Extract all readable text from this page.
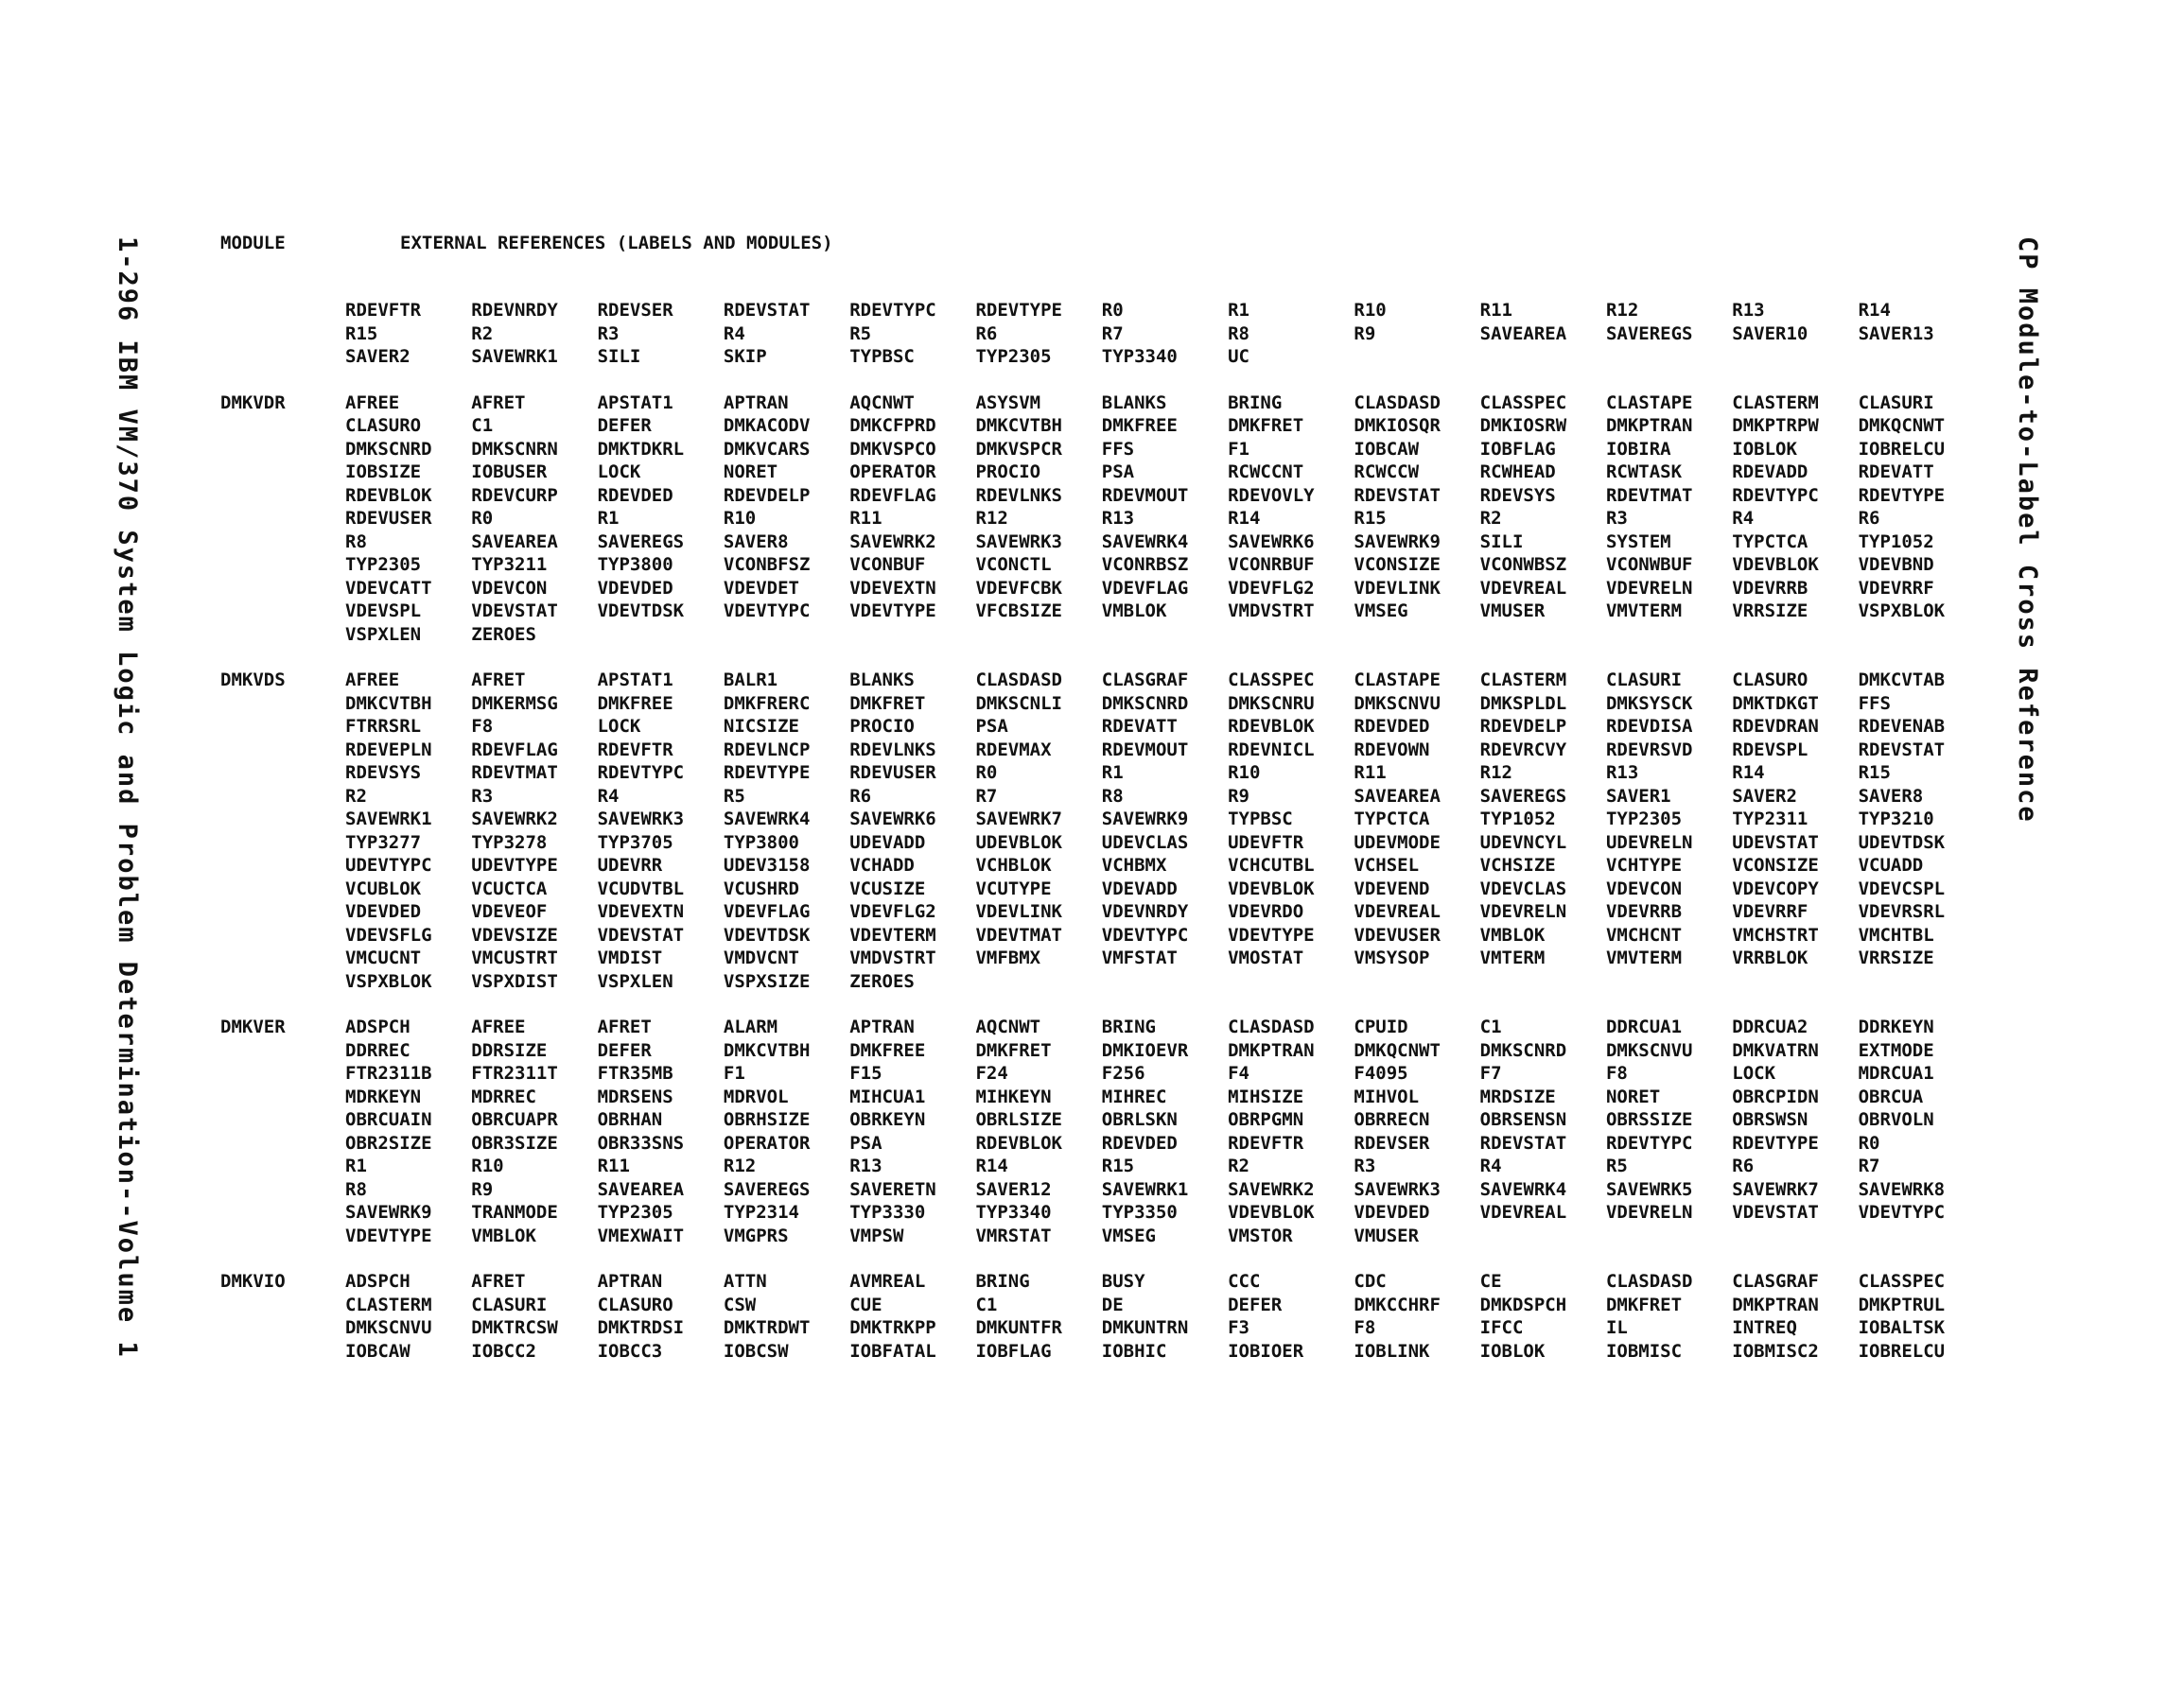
1-296 IBM VM/370 System Logic and Problem Determination--Volume 1	CP Module-to-Label Cross Reference
MODULE	EXTERNAL REFERENCES (LABELS AND MODULES)
RDEVFTR	RDEVNRDY	RDEVSER	RDEVSTAT	RDEVTYPC	RDEVTYPE	R0	R1	R10	R11	R12	R13	R14
R15	R2	R3	R4	R5	R6	R7	R8	R9	SAVEAREA	SAVEREGS	SAVER10	SAVER13
SAVER2	SAVEWRK1	SILI	SKIP	TYPBSC	TYP2305	TYP3340	UC
DMKVDR	AFREE	AFRET	APSTAT1	APTRAN	AQCNWT	ASYSVM	BLANKS	BRING	CLASDASD	CLASSPEC	CLASTAPE	CLASTERM	CLASURI
CLASURO	C1	DEFER	DMKACODV	DMKCFPRD	DMKCVTBH	DMKFREE	DMKFRET	DMKIOSQR	DMKIOSRW	DMKPTRAN	DMKPTRPW	DMKQCNWT
DMKSCNRD	DMKSCNRN	DMKTDKRL	DMKVCARS	DMKVSPCO	DMKVSPCR	FFS	F1	IOBCAW	IOBFLAG	IOBIRA	IOBLOK	IOBRELCU
IOBSIZE	IOBUSER	LOCK	NORET	OPERATOR	PROCIO	PSA	RCWCCNT	RCWCCW	RCWHEAD	RCWTASK	RDEVADD	RDEVATT
RDEVBLOK	RDEVCURP	RDEVDED	RDEVDELP	RDEVFLAG	RDEVLNKS	RDEVMOUT	RDEVOVLY	RDEVSTAT	RDEVSYS	RDEVTMAT	RDEVTYPC	RDEVTYPE
RDEVUSER	R0	R1	R10	R11	R12	R13	R14	R15	R2	R3	R4	R6
R8	SAVEAREA	SAVEREGS	SAVER8	SAVEWRK2	SAVEWRK3	SAVEWRK4	SAVEWRK6	SAVEWRK9	SILI	SYSTEM	TYPCTCA	TYP1052
TYP2305	TYP3211	TYP3800	VCONBFSZ	VCONBUF	VCONCTL	VCONRBSZ	VCONRBUF	VCONSIZE	VCONWBSZ	VCONWBUF	VDEVBLOK	VDEVBND
VDEVCATT	VDEVCON	VDEVDED	VDEVDET	VDEVEXTN	VDEVFCBK	VDEVFLAG	VDEVFLG2	VDEVLINK	VDEVREAL	VDEVRELN	VDEVRRB	VDEVRRF
VDEVSPL	VDEVSTAT	VDEVTDSK	VDEVTYPC	VDEVTYPE	VFCBSIZE	VMBLOK	VMDVSTRT	VMSEG	VMUSER	VMVTERM	VRRSIZE	VSPXBLOK
VSPXLEN	ZEROES
DMKVDS	AFREE	AFRET	APSTAT1	BALR1	BLANKS	CLASDASD	CLASGRAF	CLASSPEC	CLASTAPE	CLASTERM	CLASURI	CLASURO	DMKCVTAB
DMKCVTBH	DMKERMSG	DMKFREE	DMKFRERC	DMKFRET	DMKSCNLI	DMKSCNRD	DMKSCNRU	DMKSCNVU	DMKSPLDL	DMKSYSCK	DMKTDKGT	FFS
FTRRSRL	F8	LOCK	NICSIZE	PROCIO	PSA	RDEVATT	RDEVBLOK	RDEVDED	RDEVDELP	RDEVDISA	RDEVDRAN	RDEVENAB
RDEVEPLN	RDEVFLAG	RDEVFTR	RDEVLNCP	RDEVLNKS	RDEVMAX	RDEVMOUT	RDEVNICL	RDEVOWN	RDEVRCVY	RDEVRSVD	RDEVSPL	RDEVSTAT
RDEVSYS	RDEVTMAT	RDEVTYPC	RDEVTYPE	RDEVUSER	R0	R1	R10	R11	R12	R13	R14	R15
R2	R3	R4	R5	R6	R7	R8	R9	SAVEAREA	SAVEREGS	SAVER1	SAVER2	SAVER8
SAVEWRK1	SAVEWRK2	SAVEWRK3	SAVEWRK4	SAVEWRK6	SAVEWRK7	SAVEWRK9	TYPBSC	TYPCTCA	TYP1052	TYP2305	TYP2311	TYP3210
TYP3277	TYP3278	TYP3705	TYP3800	UDEVADD	UDEVBLOK	UDEVCLAS	UDEVFTR	UDEVMODE	UDEVNCYL	UDEVRELN	UDEVSTAT	UDEVTDSK
UDEVTYPC	UDEVTYPE	UDEVRR	UDEV3158	VCHADD	VCHBLOK	VCHBMX	VCHCUTBL	VCHSEL	VCHSIZE	VCHTYPE	VCONSIZE	VCUADD
VCUBLOK	VCUCTCA	VCUDVTBL	VCUSHRD	VCUSIZE	VCUTYPE	VDEVADD	VDEVBLOK	VDEVEND	VDEVCLAS	VDEVCON	VDEVCOPY	VDEVCSPL
VDEVDED	VDEVEOF	VDEVEXTN	VDEVFLAG	VDEVFLG2	VDEVLINK	VDEVNRDY	VDEVRDO	VDEVREAL	VDEVRELN	VDEVRRB	VDEVRRF	VDEVRSRL
VDEVSFLG	VDEVSIZE	VDEVSTAT	VDEVTDSK	VDEVTERM	VDEVTMAT	VDEVTYPC	VDEVTYPE	VDEVUSER	VMBLOK	VMCHCNT	VMCHSTRT	VMCHTBL
VMCUCNT	VMCUSTRT	VMDIST	VMDVCNT	VMDVSTRT	VMFBMX	VMFSTAT	VMOSTAT	VMSYSOP	VMTERM	VMVTERM	VRRBLOK	VRRSIZE
VSPXBLOK	VSPXDIST	VSPXLEN	VSPXSIZE	ZEROES
DMKVER	ADSPCH	AFREE	AFRET	ALARM	APTRAN	AQCNWT	BRING	CLASDASD	CPUID	C1	DDRCUA1	DDRCUA2	DDRKEYN
DDRREC	DDRSIZE	DEFER	DMKCVTBH	DMKFREE	DMKFRET	DMKIOEVR	DMKPTRAN	DMKQCNWT	DMKSCNRD	DMKSCNVU	DMKVATRN	EXTMODE
FTR2311B	FTR2311T	FTR35MB	F1	F15	F24	F256	F4	F4095	F7	F8	LOCK	MDRCUA1
MDRKEYN	MDRREC	MDRSENS	MDRVOL	MIHCUA1	MIHKEYN	MIHREC	MIHSIZE	MIHVOL	MRDSIZE	NORET	OBRCPIDN	OBRCUA
OBRCUAIN	OBRCUAPR	OBRHAN	OBRHSIZE	OBRKEYN	OBRLSIZE	OBRLSKN	OBRPGMN	OBRRECN	OBRSENSN	OBRSSIZE	OBRSWSN	OBRVOLN
OBR2SIZE	OBR3SIZE	OBR33SNS	OPERATOR	PSA	RDEVBLOK	RDEVDED	RDEVFTR	RDEVSER	RDEVSTAT	RDEVTYPC	RDEVTYPE	R0
R1	R10	R11	R12	R13	R14	R15	R2	R3	R4	R5	R6	R7
R8	R9	SAVEAREA	SAVEREGS	SAVERETN	SAVER12	SAVEWRK1	SAVEWRK2	SAVEWRK3	SAVEWRK4	SAVEWRK5	SAVEWRK7	SAVEWRK8
SAVEWRK9	TRANMODE	TYP2305	TYP2314	TYP3330	TYP3340	TYP3350	VDEVBLOK	VDEVDED	VDEVREAL	VDEVRELN	VDEVSTAT	VDEVTYPC
VDEVTYPE	VMBLOK	VMEXWAIT	VMGPRS	VMPSW	VMRSTAT	VMSEG	VMSTOR	VMUSER
DMKVIO	ADSPCH	AFRET	APTRAN	ATTN	AVMREAL	BRING	BUSY	CCC	CDC	CE	CLASDASD	CLASGRAF	CLASSPEC
CLASTERM	CLASURI	CLASURO	CSW	CUE	C1	DE	DEFER	DMKCCHRF	DMKDSPCH	DMKFRET	DMKPTRAN	DMKPTRUL
DMKSCNVU	DMKTRCSW	DMKTRDSI	DMKTRDWT	DMKTRKPP	DMKUNTFR	DMKUNTRN	F3	F8	IFCC	IL	INTREQ	IOBALTSK
IOBCAW	IOBCC2	IOBCC3	IOBCSW	IOBFATAL	IOBFLAG	IOBHIC	IOBIOER	IOBLINK	IOBLOK	IOBMISC	IOBMISC2	IOBRELCU
